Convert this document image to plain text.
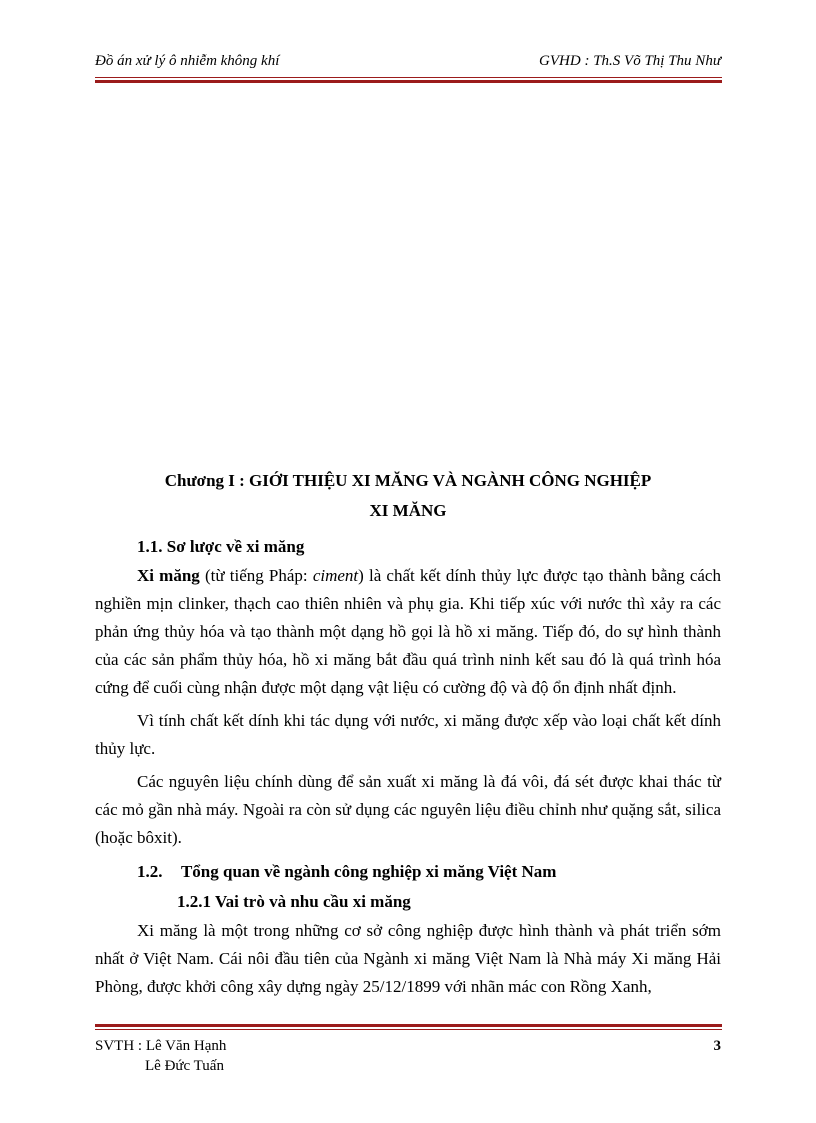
Đồ án xử lý ô nhiễm không khí	GVHD : Th.S Võ Thị Thu Như

Chương I : GIỚI THIỆU XI MĂNG VÀ NGÀNH CÔNG NGHIỆP

XI MĂNG

1.1. Sơ lược về xi măng

Xi măng (từ tiếng Pháp: ciment) là chất kết dính thủy lực được tạo thành bằng cách nghiền mịn clinker, thạch cao thiên nhiên và phụ gia. Khi tiếp xúc với nước thì xảy ra các phản ứng thủy hóa và tạo thành một dạng hồ gọi là hồ xi măng. Tiếp đó, do sự hình thành của các sản phẩm thủy hóa, hồ xi măng bắt đầu quá trình ninh kết sau đó là quá trình hóa cứng để cuối cùng nhận được một dạng vật liệu có cường độ và độ ổn định nhất định.

Vì tính chất kết dính khi tác dụng với nước, xi măng được xếp vào loại chất kết dính thủy lực.

Các nguyên liệu chính dùng để sản xuất xi măng là đá vôi, đá sét được khai thác từ các mỏ gần nhà máy. Ngoài ra còn sử dụng các nguyên liệu điều chỉnh như quặng sắt, silica (hoặc bôxit).

1.2. Tổng quan về ngành công nghiệp xi măng Việt Nam

1.2.1 Vai trò và nhu cầu xi măng

Xi măng là một trong những cơ sở công nghiệp được hình thành và phát triển sớm nhất ở Việt Nam. Cái nôi đầu tiên của Ngành xi măng Việt Nam là Nhà máy Xi măng Hải Phòng, được khởi công xây dựng ngày 25/12/1899 với nhãn mác con Rồng Xanh,

SVTH : Lê Văn Hạnh
Lê Đức Tuấn
3
